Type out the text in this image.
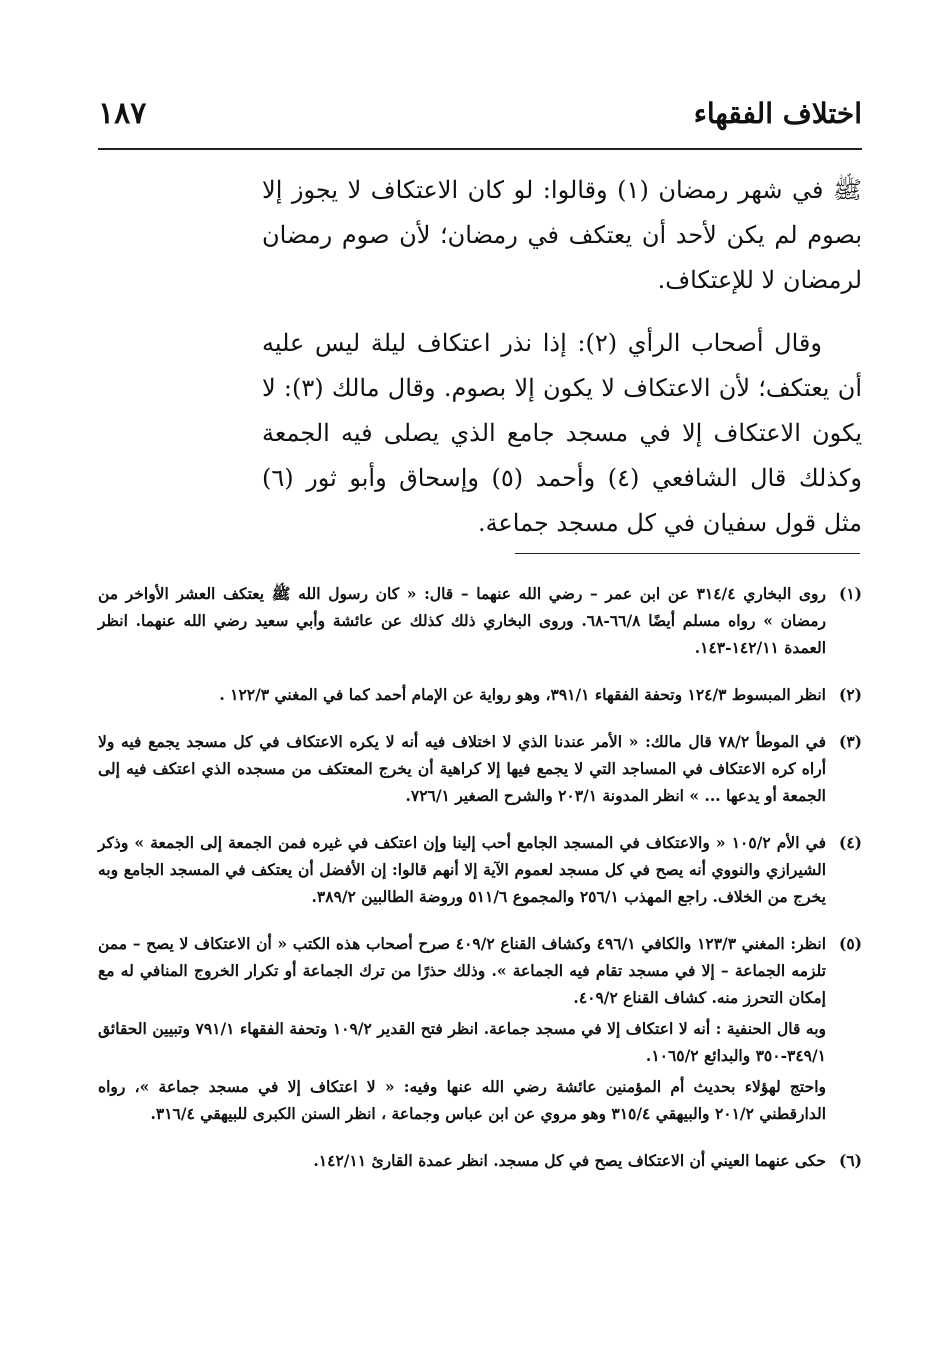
اختلاف الفقهاء
١٨٧

ﷺ في شهر رمضان (١) وقالوا: لو كان الاعتكاف لا يجوز إلا بصوم لم يكن لأحد أن يعتكف في رمضان؛ لأن صوم رمضان لرمضان لا للإعتكاف.

وقال أصحاب الرأي (٢): إذا نذر اعتكاف ليلة ليس عليه أن يعتكف؛ لأن الاعتكاف لا يكون إلا بصوم. وقال مالك (٣): لا يكون الاعتكاف إلا في مسجد جامع الذي يصلى فيه الجمعة وكذلك قال الشافعي (٤) وأحمد (٥) وإسحاق وأبو ثور (٦) مثل قول سفيان في كل مسجد جماعة.

(١)

روى البخاري ٣١٤/٤ عن ابن عمر – رضي الله عنهما – قال: « كان رسول الله ﷺ يعتكف العشر الأواخر من رمضان » رواه مسلم أيضًا ٦٦/٨-٦٨. وروى البخاري ذلك كذلك عن عائشة وأبي سعيد رضي الله عنهما. انظر العمدة ١٤٢/١١-١٤٣.

(٢)

انظر المبسوط ١٢٤/٣ وتحفة الفقهاء ٣٩١/١، وهو رواية عن الإمام أحمد كما في المغني ١٢٢/٣ .

(٣)

في الموطأ ٧٨/٢ قال مالك: « الأمر عندنا الذي لا اختلاف فيه أنه لا يكره الاعتكاف في كل مسجد يجمع فيه ولا أراه كره الاعتكاف في المساجد التي لا يجمع فيها إلا كراهية أن يخرج المعتكف من مسجده الذي اعتكف فيه إلى الجمعة أو يدعها ... » انظر المدونة ٢٠٣/١ والشرح الصغير ٧٢٦/١.

(٤)

في الأم ١٠٥/٢ « والاعتكاف في المسجد الجامع أحب إلينا وإن اعتكف في غيره فمن الجمعة إلى الجمعة » وذكر الشيرازي والنووي أنه يصح في كل مسجد لعموم الآية إلا أنهم قالوا: إن الأفضل أن يعتكف في المسجد الجامع وبه يخرج من الخلاف. راجع المهذب ٢٥٦/١ والمجموع ٥١١/٦ وروضة الطالبين ٣٨٩/٢.

(٥)

انظر: المغني ١٢٣/٣ والكافي ٤٩٦/١ وكشاف القناع ٤٠٩/٢ صرح أصحاب هذه الكتب « أن الاعتكاف لا يصح – ممن تلزمه الجماعة – إلا في مسجد تقام فيه الجماعة ». وذلك حذرًا من ترك الجماعة أو تكرار الخروج المنافي له مع إمكان التحرز منه. كشاف القناع ٤٠٩/٢.

وبه قال الحنفية : أنه لا اعتكاف إلا في مسجد جماعة. انظر فتح القدير ١٠٩/٢ وتحفة الفقهاء ٧٩١/١ وتبيين الحقائق ٣٤٩/١-٣٥٠ والبدائع ١٠٦٥/٢.

واحتج لهؤلاء بحديث أم المؤمنين عائشة رضي الله عنها وفيه: « لا اعتكاف إلا في مسجد جماعة »، رواه الدارقطني ٢٠١/٢ والبيهقي ٣١٥/٤ وهو مروي عن ابن عباس وجماعة ، انظر السنن الكبرى للبيهقي ٣١٦/٤.

(٦)

حكى عنهما العيني أن الاعتكاف يصح في كل مسجد. انظر عمدة القارئ ١٤٢/١١.
